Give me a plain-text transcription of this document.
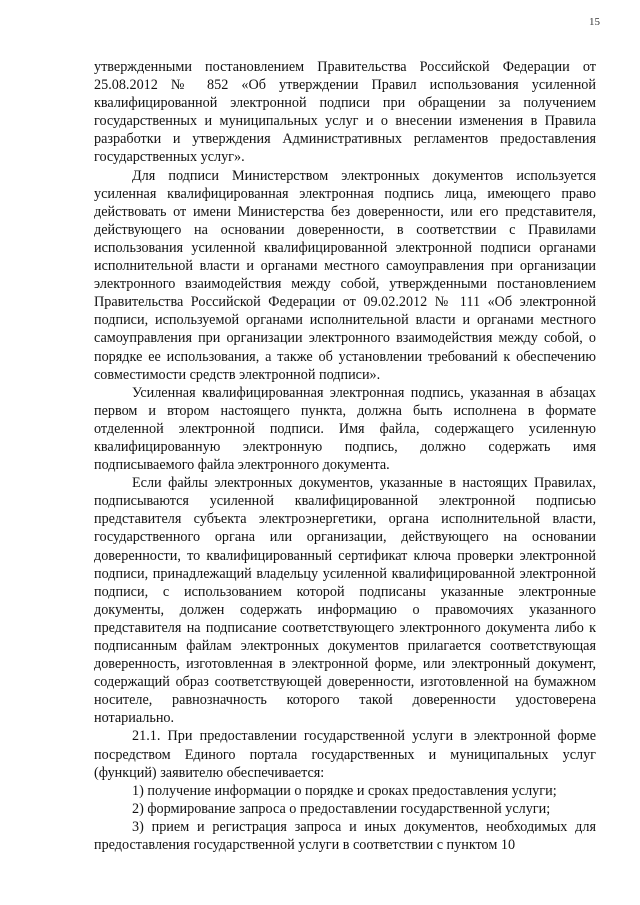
15

утвержденными постановлением Правительства Российской Федерации от 25.08.2012 № 852 «Об утверждении Правил использования усиленной квалифицированной электронной подписи при обращении за получением государственных и муниципальных услуг и о внесении изменения в Правила разработки и утверждения Административных регламентов предоставления государственных услуг».

Для подписи Министерством электронных документов используется усиленная квалифицированная электронная подпись лица, имеющего право действовать от имени Министерства без доверенности, или его представителя, действующего на основании доверенности, в соответствии с Правилами использования усиленной квалифицированной электронной подписи органами исполнительной власти и органами местного самоуправления при организации электронного взаимодействия между собой, утвержденными постановлением Правительства Российской Федерации от 09.02.2012 № 111 «Об электронной подписи, используемой органами исполнительной власти и органами местного самоуправления при организации электронного взаимодействия между собой, о порядке ее использования, а также об установлении требований к обеспечению совместимости средств электронной подписи».

Усиленная квалифицированная электронная подпись, указанная в абзацах первом и втором настоящего пункта, должна быть исполнена в формате отделенной электронной подписи. Имя файла, содержащего усиленную квалифицированную электронную подпись, должно содержать имя подписываемого файла электронного документа.

Если файлы электронных документов, указанные в настоящих Правилах, подписываются усиленной квалифицированной электронной подписью представителя субъекта электроэнергетики, органа исполнительной власти, государственного органа или организации, действующего на основании доверенности, то квалифицированный сертификат ключа проверки электронной подписи, принадлежащий владельцу усиленной квалифицированной электронной подписи, с использованием которой подписаны указанные электронные документы, должен содержать информацию о правомочиях указанного представителя на подписание соответствующего электронного документа либо к подписанным файлам электронных документов прилагается соответствующая доверенность, изготовленная в электронной форме, или электронный документ, содержащий образ соответствующей доверенности, изготовленной на бумажном носителе, равнозначность которого такой доверенности удостоверена нотариально.

21.1. При предоставлении государственной услуги в электронной форме посредством Единого портала государственных и муниципальных услуг (функций) заявителю обеспечивается:

1) получение информации о порядке и сроках предоставления услуги;

2) формирование запроса о предоставлении государственной услуги;

3) прием и регистрация запроса и иных документов, необходимых для предоставления государственной услуги в соответствии с пунктом 10
